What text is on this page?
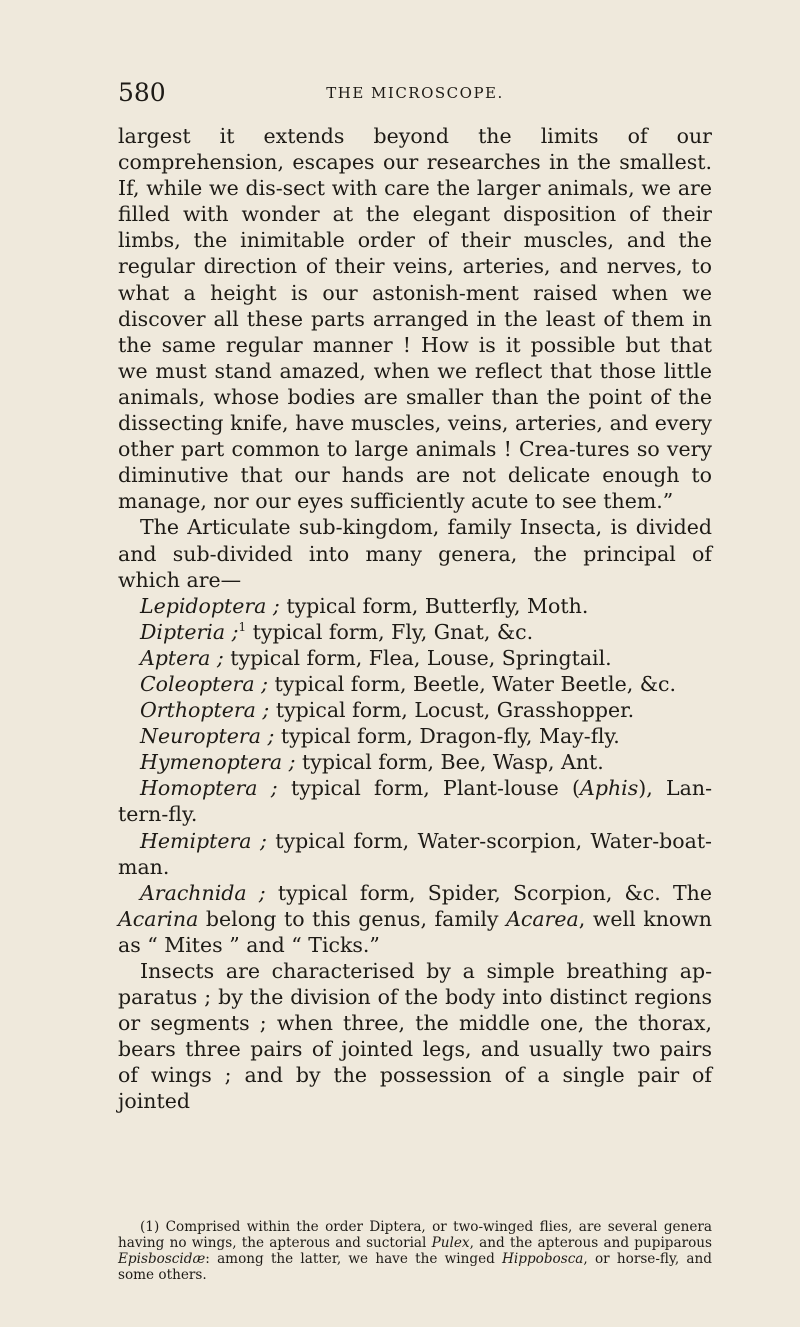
580	THE MICROSCOPE.

largest it extends beyond the limits of our comprehension, escapes our researches in the smallest. If, while we dis-sect with care the larger animals, we are filled with wonder at the elegant disposition of their limbs, the inimitable order of their muscles, and the regular direction of their veins, arteries, and nerves, to what a height is our astonish-ment raised when we discover all these parts arranged in the least of them in the same regular manner ! How is it possible but that we must stand amazed, when we reflect that those little animals, whose bodies are smaller than the point of the dissecting knife, have muscles, veins, arteries, and every other part common to large animals ! Crea-tures so very diminutive that our hands are not delicate enough to manage, nor our eyes sufficiently acute to see them.”

The Articulate sub-kingdom, family Insecta, is divided and sub-divided into many genera, the principal of which are—

Lepidoptera ; typical form, Butterfly, Moth.

Dipteria ;$^1$ typical form, Fly, Gnat, &c.

Aptera ; typical form, Flea, Louse, Springtail.

Coleoptera ; typical form, Beetle, Water Beetle, &c.

Orthoptera ; typical form, Locust, Grasshopper.

Neuroptera ; typical form, Dragon-fly, May-fly.

Hymenoptera ; typical form, Bee, Wasp, Ant.

Homoptera ; typical form, Plant-louse (Aphis), Lan-tern-fly.

Hemiptera ; typical form, Water-scorpion, Water-boat-man.

Arachnida ; typical form, Spider, Scorpion, &c. The Acarina belong to this genus, family Acarea, well known as “ Mites ” and “ Ticks.”

Insects are characterised by a simple breathing ap-paratus ; by the division of the body into distinct regions or segments ; when three, the middle one, the thorax, bears three pairs of jointed legs, and usually two pairs of wings ; and by the possession of a single pair of jointed

(1) Comprised within the order Diptera, or two-winged flies, are several genera having no wings, the apterous and suctorial Pulex, and the apterous and pupiparous Episboscidæ: among the latter, we have the winged Hippobosca, or horse-fly, and some others.
